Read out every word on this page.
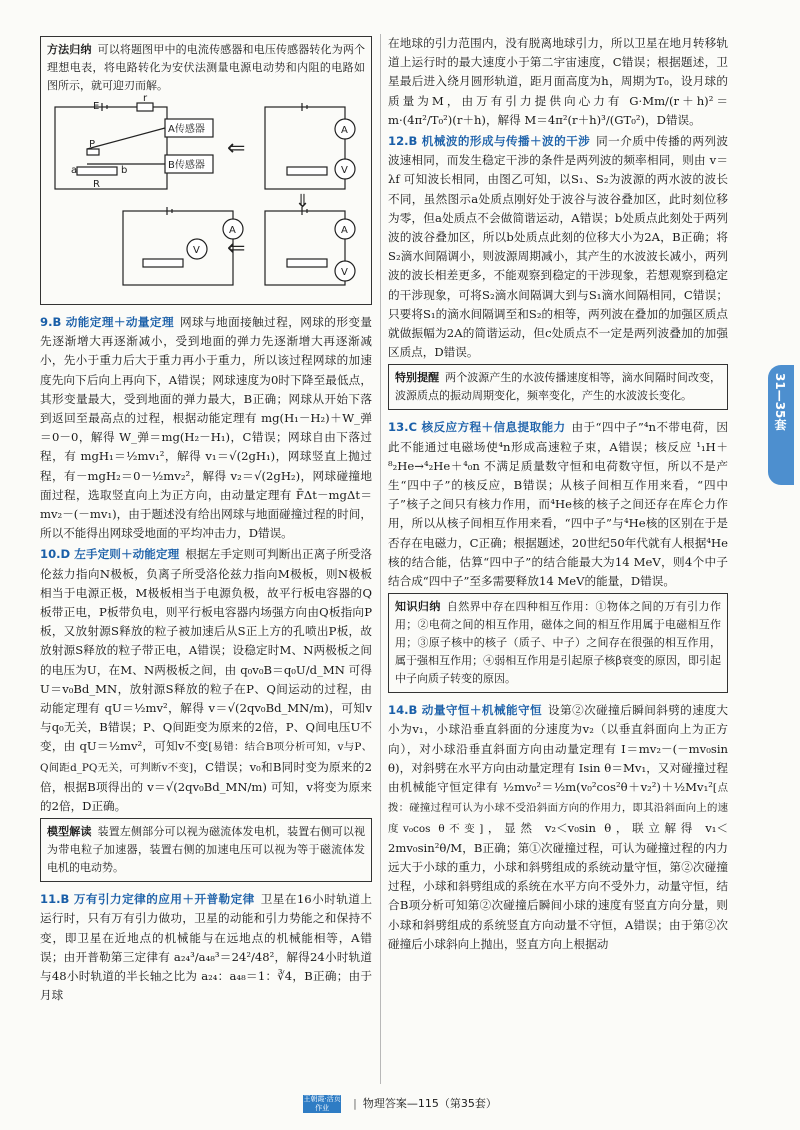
方法归纳 可以将题图甲中的电流传感器和电压传感器转化为两个理想电表，将电路转化为安伏法测量电源电动势和内阻的电路如图所示，就可迎刃而解。
E
r
A传感器
B传感器
P
a	b
R
A
V
A
V
A
V
⇐
⇓
⇐

9.B 动能定理＋动量定理 网球与地面接触过程，网球的形变量先逐渐增大再逐渐减小，受到地面的弹力先逐渐增大再逐渐减小，先小于重力后大于重力再小于重力，所以该过程网球的加速度先向下后向上再向下，A错误；网球速度为0时下降至最低点，其形变量最大，受到地面的弹力最大，B正确；网球从开始下落到返回至最高点的过程，根据动能定理有 mg(H₁－H₂)＋W_弹＝0－0，解得 W_弹＝mg(H₂－H₁)，C错误；网球自由下落过程，有 mgH₁＝½mv₁²，解得 v₁＝√(2gH₁)，网球竖直上抛过程，有－mgH₂＝0－½mv₂²，解得 v₂＝√(2gH₂)，网球碰撞地面过程，选取竖直向上为正方向，由动量定理有 F̄Δt－mgΔt＝mv₂－(－mv₁)，由于题述没有给出网球与地面碰撞过程的时间，所以不能得出网球受地面的平均冲击力，D错误。

10.D 左手定则＋动能定理 根据左手定则可判断出正离子所受洛伦兹力指向N极板，负离子所受洛伦兹力指向M极板，则N极板相当于电源正极，M极板相当于电源负极，故平行板电容器的Q板带正电，P板带负电，则平行板电容器内场强方向由Q板指向P板，又放射源S释放的粒子被加速后从S正上方的孔喷出P板，故放射源S释放的粒子带正电，A错误；设稳定时M、N两极板之间的电压为U，在M、N两极板之间，由 q₀v₀B＝q₀U/d_MN 可得 U＝v₀Bd_MN，放射源S释放的粒子在P、Q间运动的过程，由动能定理有 qU＝½mv²，解得 v＝√(2qv₀Bd_MN/m)，可知v与q₀无关，B错误；P、Q间距变为原来的2倍，P、Q间电压U不变，由 qU＝½mv²，可知v不变[易错：结合B项分析可知，v与P、Q间距d_PQ无关，可判断v不变]，C错误；v₀和B同时变为原来的2倍，根据B项得出的 v＝√(2qv₀Bd_MN/m) 可知，v将变为原来的2倍，D正确。

模型解读 装置左侧部分可以视为磁流体发电机，装置右侧可以视为带电粒子加速器，装置右侧的加速电压可以视为等于磁流体发电机的电动势。

11.B 万有引力定律的应用＋开普勒定律 卫星在16小时轨道上运行时，只有万有引力做功，卫星的动能和引力势能之和保持不变，即卫星在近地点的机械能与在远地点的机械能相等，A错误；由开普勒第三定律有 a₂₄³/a₄₈³＝24²/48²，解得24小时轨道与48小时轨道的半长轴之比为 a₂₄：a₄₈＝1：∛4，B正确；由于月球

在地球的引力范围内，没有脱离地球引力，所以卫星在地月转移轨道上运行时的最大速度小于第二宇宙速度，C错误；根据题述，卫星最后进入绕月圆形轨道，距月面高度为h，周期为T₀，设月球的质量为M，由万有引力提供向心力有 G·Mm/(r＋h)²＝m·(4π²/T₀²)(r＋h)，解得 M＝4π²(r＋h)³/(GT₀²)，D错误。

12.B 机械波的形成与传播＋波的干涉 同一介质中传播的两列波波速相同，而发生稳定干涉的条件是两列波的频率相同，则由 v＝λf 可知波长相同，由图乙可知，以S₁、S₂为波源的两水波的波长不同，虽然图示a处质点刚好处于波谷与波谷叠加区，此时刻位移为零，但a处质点不会做简谐运动，A错误；b处质点此刻处于两列波的波谷叠加区，所以b处质点此刻的位移大小为2A，B正确；将S₂滴水间隔调小，则波源周期减小，其产生的水波波长减小，两列波的波长相差更多，不能观察到稳定的干涉现象，若想观察到稳定的干涉现象，可将S₂滴水间隔调大到与S₁滴水间隔相同，C错误；只要将S₁的滴水间隔调至和S₂的相等，两列波在叠加的加强区质点就做振幅为2A的简谐运动，但c处质点不一定是两列波叠加的加强区质点，D错误。

特别提醒 两个波源产生的水波传播速度相等，滴水间隔时间改变，波源质点的振动周期变化，频率变化，产生的水波波长变化。

13.C 核反应方程＋信息提取能力 由于“四中子”⁴n不带电荷，因此不能通过电磁场使⁴n形成高速粒子束，A错误；核反应 ¹₁H＋⁸₂He→⁴₂He＋⁴₀n 不满足质量数守恒和电荷数守恒，所以不是产生“四中子”的核反应，B错误；从核子间相互作用来看，“四中子”核子之间只有核力作用，而⁴He核的核子之间还存在库仑力作用，所以从核子间相互作用来看，“四中子”与⁴He核的区别在于是否存在电磁力，C正确；根据题述，20世纪50年代就有人根据⁴He核的结合能，估算“四中子”的结合能最大为14 MeV，则4个中子结合成“四中子”至多需要释放14 MeV的能量，D错误。

知识归纳 自然界中存在四种相互作用：①物体之间的万有引力作用；②电荷之间的相互作用，磁体之间的相互作用属于电磁相互作用；③原子核中的核子（质子、中子）之间存在很强的相互作用，属于强相互作用；④弱相互作用是引起原子核β衰变的原因，即引起中子向质子转变的原因。

14.B 动量守恒＋机械能守恒 设第②次碰撞后瞬间斜劈的速度大小为v₁，小球沿垂直斜面的分速度为v₂（以垂直斜面向上为正方向），对小球沿垂直斜面方向由动量定理有 I＝mv₂－(－mv₀sin θ)，对斜劈在水平方向由动量定理有 Isin θ＝Mv₁，又对碰撞过程由机械能守恒定律有 ½mv₀²＝½m(v₀²cos²θ＋v₂²)＋½Mv₁²[点拨：碰撞过程可认为小球不受沿斜面方向的作用力，即其沿斜面向上的速度v₀cos θ不变]，显然 v₂＜v₀sin θ，联立解得 v₁＜2mv₀sin²θ/M，B正确；第①次碰撞过程，可认为碰撞过程的内力远大于小球的重力，小球和斜劈组成的系统动量守恒，第②次碰撞过程，小球和斜劈组成的系统在水平方向不受外力，动量守恒，结合B项分析可知第②次碰撞后瞬间小球的速度有竖直方向分量，则小球和斜劈组成的系统竖直方向动量不守恒，A错误；由于第②次碰撞后小球斜向上抛出，竖直方向上根据动

31—35套
王朝霞·活页作业 | 物理答案—115（第35套）
